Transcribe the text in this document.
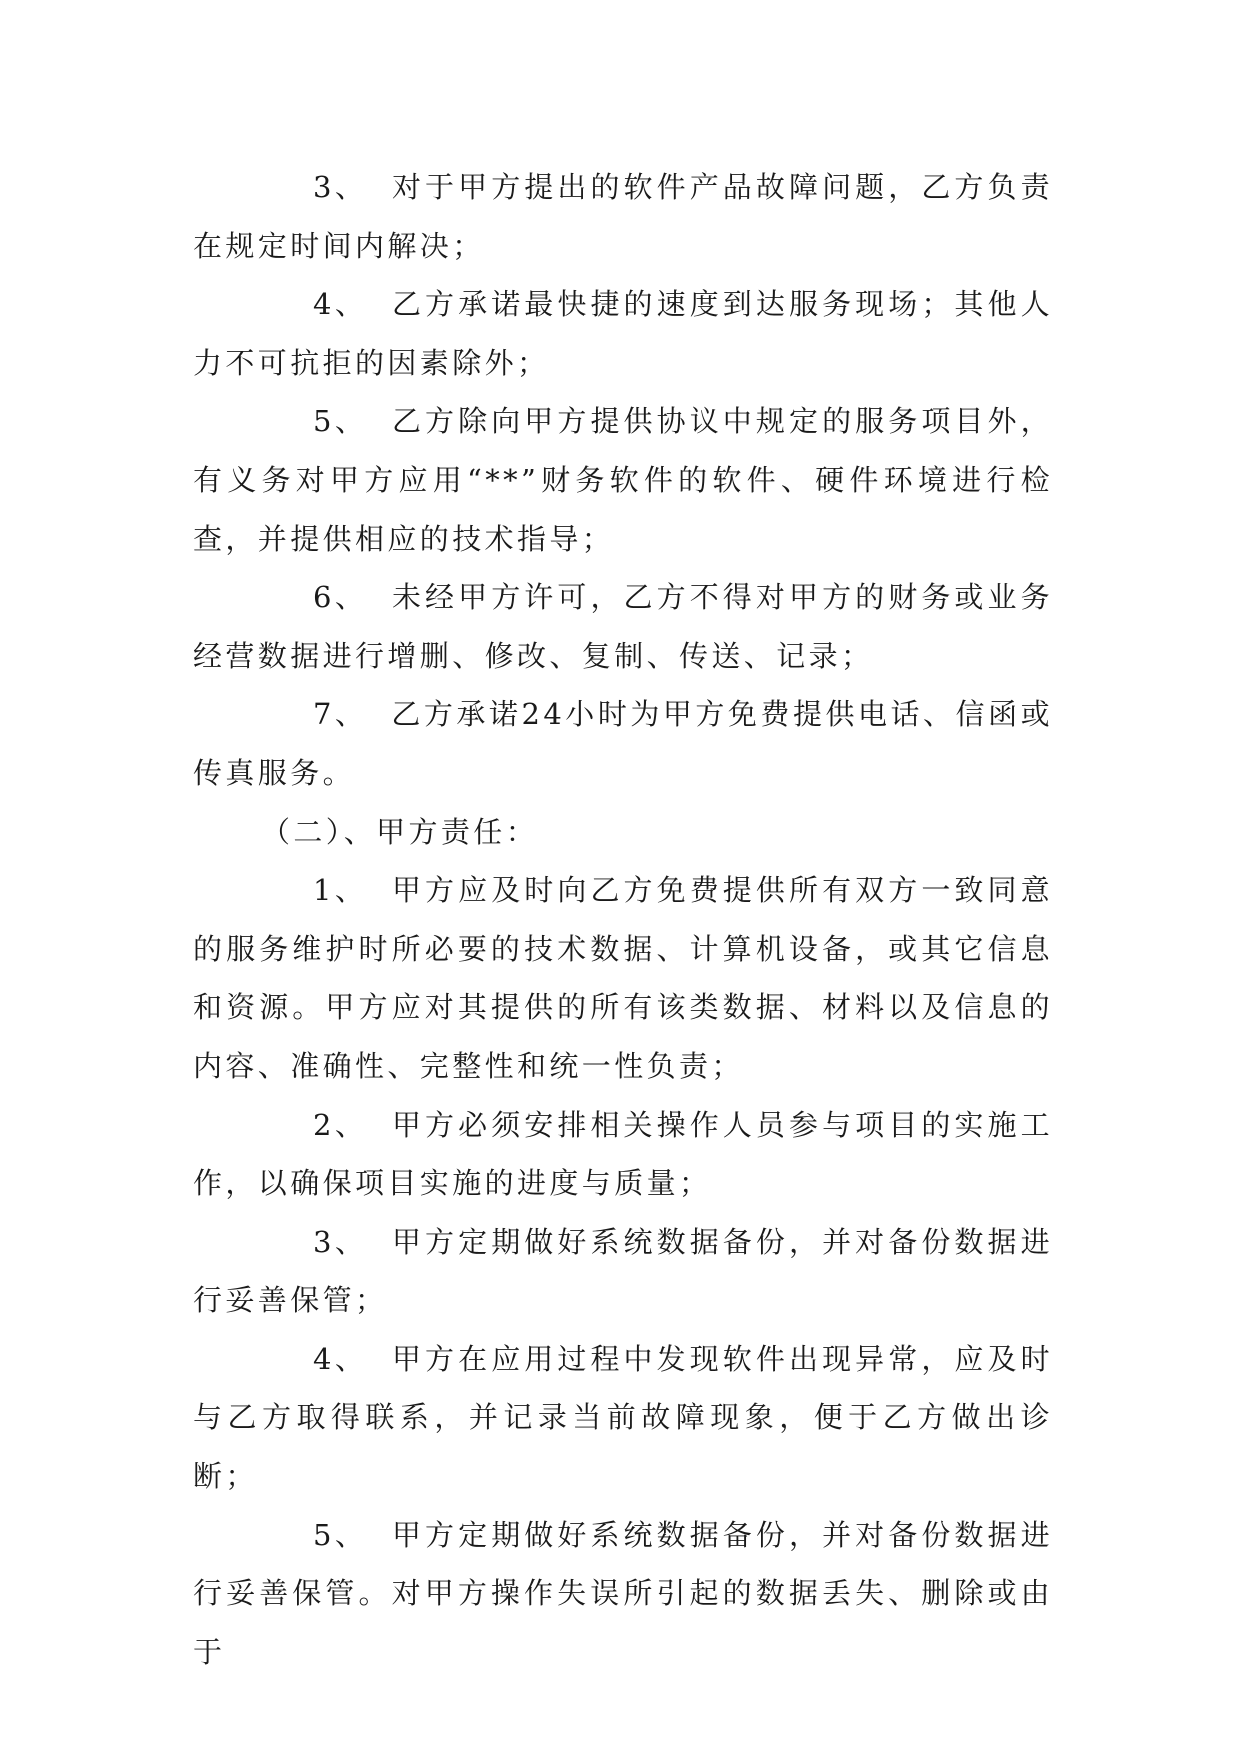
3、 对于甲方提出的软件产品故障问题，乙方负责在规定时间内解决；

4、 乙方承诺最快捷的速度到达服务现场；其他人力不可抗拒的因素除外；

5、 乙方除向甲方提供协议中规定的服务项目外，有义务对甲方应用“**”财务软件的软件、硬件环境进行检查，并提供相应的技术指导；

6、 未经甲方许可，乙方不得对甲方的财务或业务经营数据进行增删、修改、复制、传送、记录；

7、 乙方承诺24小时为甲方免费提供电话、信函或传真服务。

（二）、甲方责任：

1、 甲方应及时向乙方免费提供所有双方一致同意的服务维护时所必要的技术数据、计算机设备，或其它信息和资源。甲方应对其提供的所有该类数据、材料以及信息的内容、准确性、完整性和统一性负责；

2、 甲方必须安排相关操作人员参与项目的实施工作，以确保项目实施的进度与质量；

3、 甲方定期做好系统数据备份，并对备份数据进行妥善保管；

4、 甲方在应用过程中发现软件出现异常，应及时与乙方取得联系，并记录当前故障现象，便于乙方做出诊断；

5、 甲方定期做好系统数据备份，并对备份数据进行妥善保管。对甲方操作失误所引起的数据丢失、删除或由于
